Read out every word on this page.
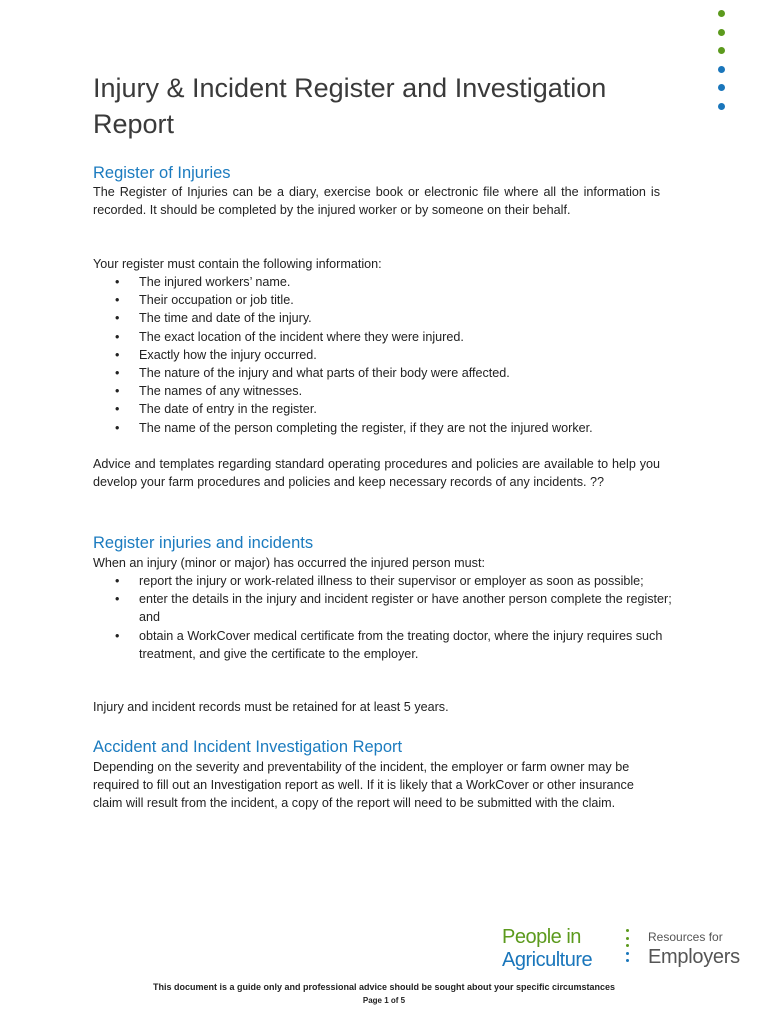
Injury & Incident Register and Investigation Report
Register of Injuries

The Register of Injuries can be a diary, exercise book or electronic file where all the information is recorded. It should be completed by the injured worker or by someone on their behalf.

Your register must contain the following information:

• The injured workers’ name.
• Their occupation or job title.
• The time and date of the injury.
• The exact location of the incident where they were injured.
• Exactly how the injury occurred.
• The nature of the injury and what parts of their body were affected.
• The names of any witnesses.
• The date of entry in the register.
• The name of the person completing the register, if they are not the injured worker.

Advice and templates regarding standard operating procedures and policies are available to help you develop your farm procedures and policies and keep necessary records of any incidents. ??

Register injuries and incidents

When an injury (minor or major) has occurred the injured person must:

• report the injury or work-related illness to their supervisor or employer as soon as possible;
• enter the details in the injury and incident register or have another person complete the register; and
• obtain a WorkCover medical certificate from the treating doctor, where the injury requires such treatment, and give the certificate to the employer.

Injury and incident records must be retained for at least 5 years.

Accident and Incident Investigation Report

Depending on the severity and preventability of the incident, the employer or farm owner may be required to fill out an Investigation report as well. If it is likely that a WorkCover or other insurance claim will result from the incident, a copy of the report will need to be submitted with the claim.

People in
Agriculture
Resources for
Employers

This document is a guide only and professional advice should be sought about your specific circumstances

Page 1 of 5
